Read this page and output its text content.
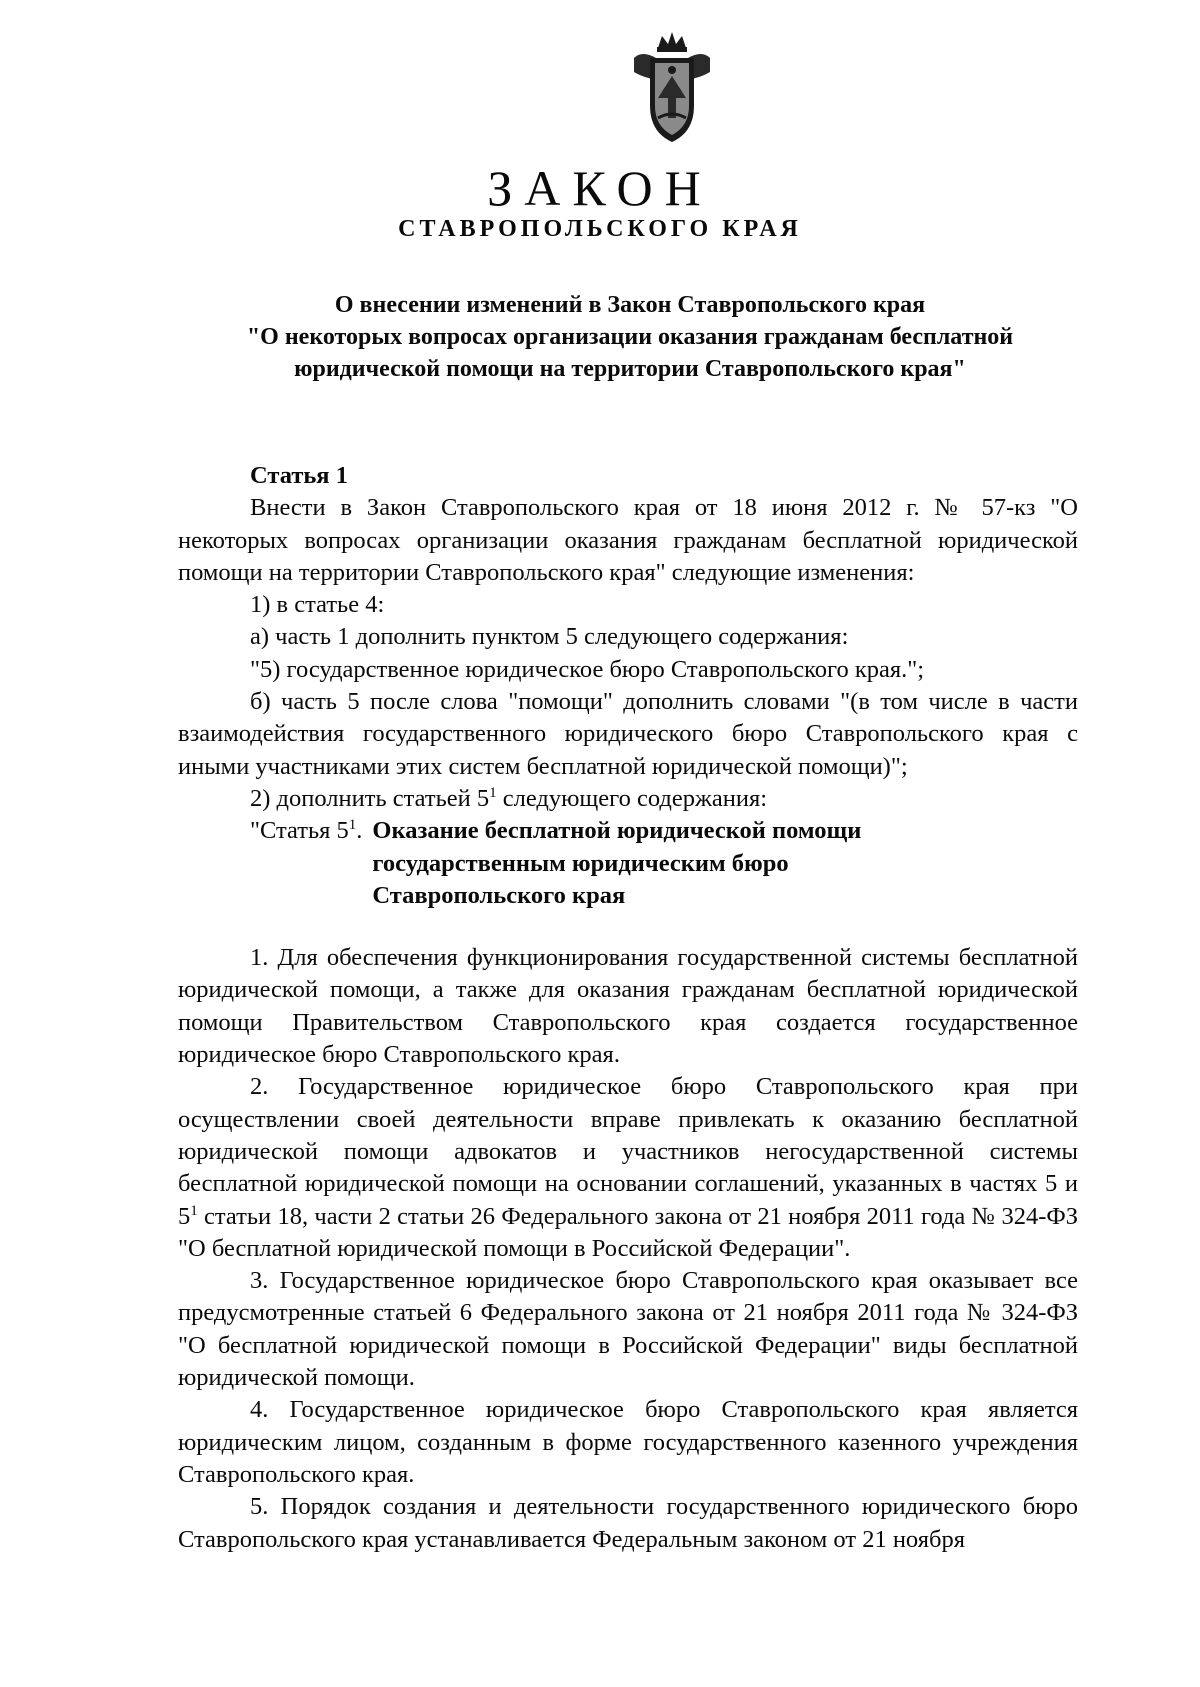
ЗАКОН
СТАВРОПОЛЬСКОГО КРАЯ
О внесении изменений в Закон Ставропольского края
"О некоторых вопросах организации оказания гражданам бесплатной
юридической помощи на территории Ставропольского края"

Статья 1

Внести в Закон Ставропольского края от 18 июня 2012 г. № 57-кз "О некоторых вопросах организации оказания гражданам бесплатной юридической помощи на территории Ставропольского края" следующие изменения:

1) в статье 4:

а) часть 1 дополнить пунктом 5 следующего содержания:

"5) государственное юридическое бюро Ставропольского края.";

б) часть 5 после слова "помощи" дополнить словами "(в том числе в части взаимодействия государственного юридического бюро Ставропольского края с иными участниками этих систем бесплатной юридической помощи)";

2) дополнить статьей $5^1$ следующего содержания:

"Статья $5^1$. Оказание бесплатной юридической помощи
государственным юридическим бюро
Ставропольского края

1. Для обеспечения функционирования государственной системы бесплатной юридической помощи, а также для оказания гражданам бесплатной юридической помощи Правительством Ставропольского края создается государственное юридическое бюро Ставропольского края.

2. Государственное юридическое бюро Ставропольского края при осуществлении своей деятельности вправе привлекать к оказанию бесплатной юридической помощи адвокатов и участников негосударственной системы бесплатной юридической помощи на основании соглашений, указанных в частях 5 и $5^1$ статьи 18, части 2 статьи 26 Федерального закона от 21 ноября 2011 года № 324-ФЗ "О бесплатной юридической помощи в Российской Федерации".

3. Государственное юридическое бюро Ставропольского края оказывает все предусмотренные статьей 6 Федерального закона от 21 ноября 2011 года № 324-ФЗ "О бесплатной юридической помощи в Российской Федерации" виды бесплатной юридической помощи.

4. Государственное юридическое бюро Ставропольского края является юридическим лицом, созданным в форме государственного казенного учреждения Ставропольского края.

5. Порядок создания и деятельности государственного юридического бюро Ставропольского края устанавливается Федеральным законом от 21 ноября
